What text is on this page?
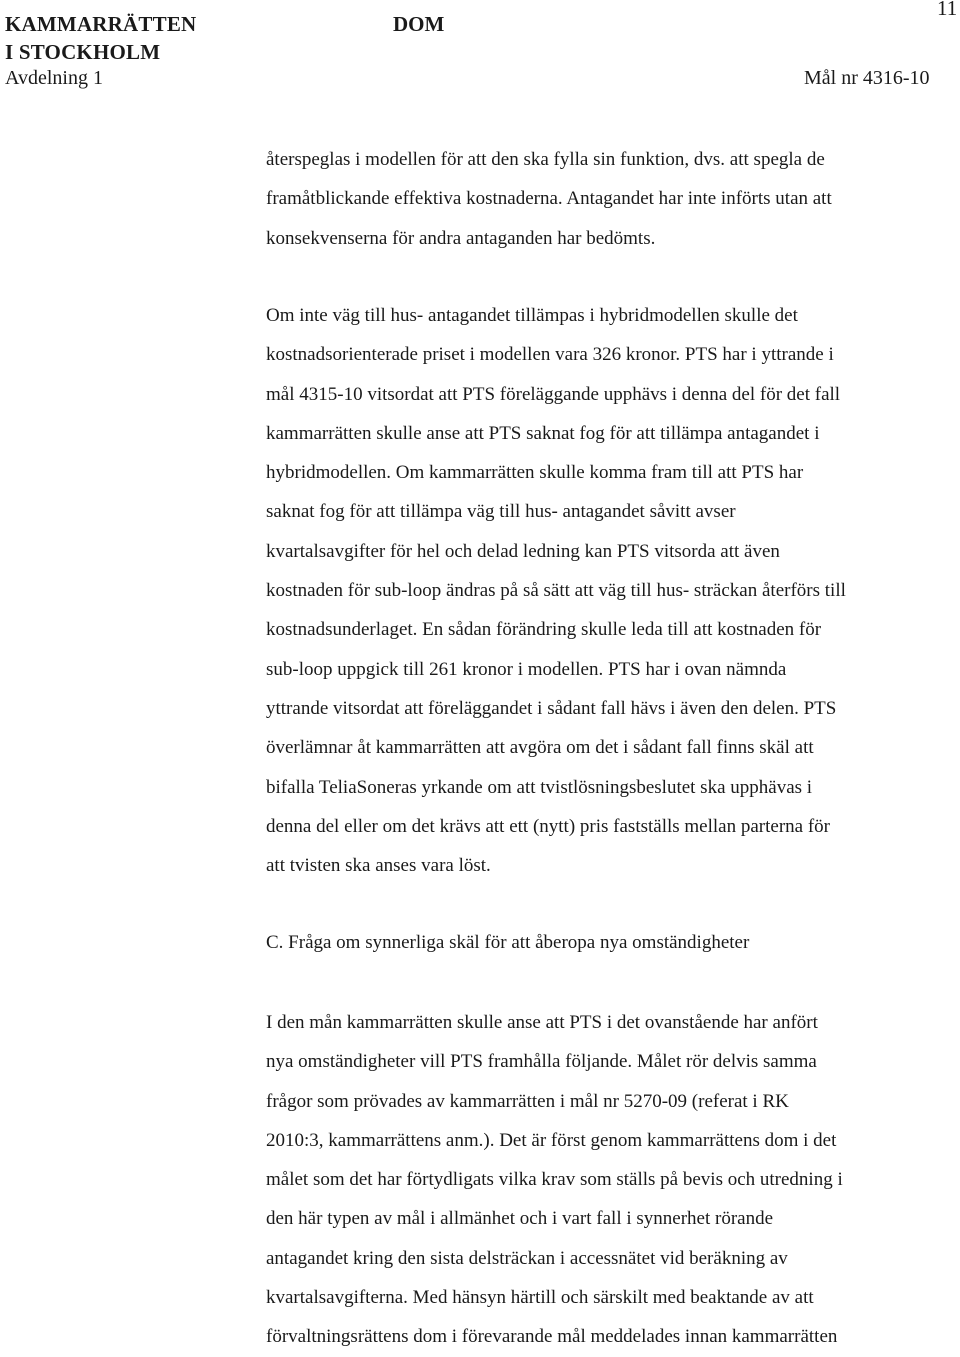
KAMMARRÄTTEN
I STOCKHOLM
DOM
11
Avdelning 1	Mål nr 4316-10

återspeglas i modellen för att den ska fylla sin funktion, dvs. att spegla de
framåtblickande effektiva kostnaderna. Antagandet har inte införts utan att
konsekvenserna för andra antaganden har bedömts.

Om inte väg till hus- antagandet tillämpas i hybridmodellen skulle det
kostnadsorienterade priset i modellen vara 326 kronor. PTS har i yttrande i
mål 4315-10 vitsordat att PTS föreläggande upphävs i denna del för det fall
kammarrätten skulle anse att PTS saknat fog för att tillämpa antagandet i
hybridmodellen. Om kammarrätten skulle komma fram till att PTS har
saknat fog för att tillämpa väg till hus- antagandet såvitt avser
kvartalsavgifter för hel och delad ledning kan PTS vitsorda att även
kostnaden för sub-loop ändras på så sätt att väg till hus- sträckan återförs till
kostnadsunderlaget. En sådan förändring skulle leda till att kostnaden för
sub-loop uppgick till 261 kronor i modellen. PTS har i ovan nämnda
yttrande vitsordat att föreläggandet i sådant fall hävs i även den delen. PTS
överlämnar åt kammarrätten att avgöra om det i sådant fall finns skäl att
bifalla TeliaSoneras yrkande om att tvistlösningsbeslutet ska upphävas i
denna del eller om det krävs att ett (nytt) pris fastställs mellan parterna för
att tvisten ska anses vara löst.

C. Fråga om synnerliga skäl för att åberopa nya omständigheter

I den mån kammarrätten skulle anse att PTS i det ovanstående har anfört
nya omständigheter vill PTS framhålla följande. Målet rör delvis samma
frågor som prövades av kammarrätten i mål nr 5270-09 (referat i RK
2010:3, kammarrättens anm.). Det är först genom kammarrättens dom i det
målet som det har förtydligats vilka krav som ställs på bevis och utredning i
den här typen av mål i allmänhet och i vart fall i synnerhet rörande
antagandet kring den sista delsträckan i accessnätet vid beräkning av
kvartalsavgifterna. Med hänsyn härtill och särskilt med beaktande av att
förvaltningsrättens dom i förevarande mål meddelades innan kammarrätten
